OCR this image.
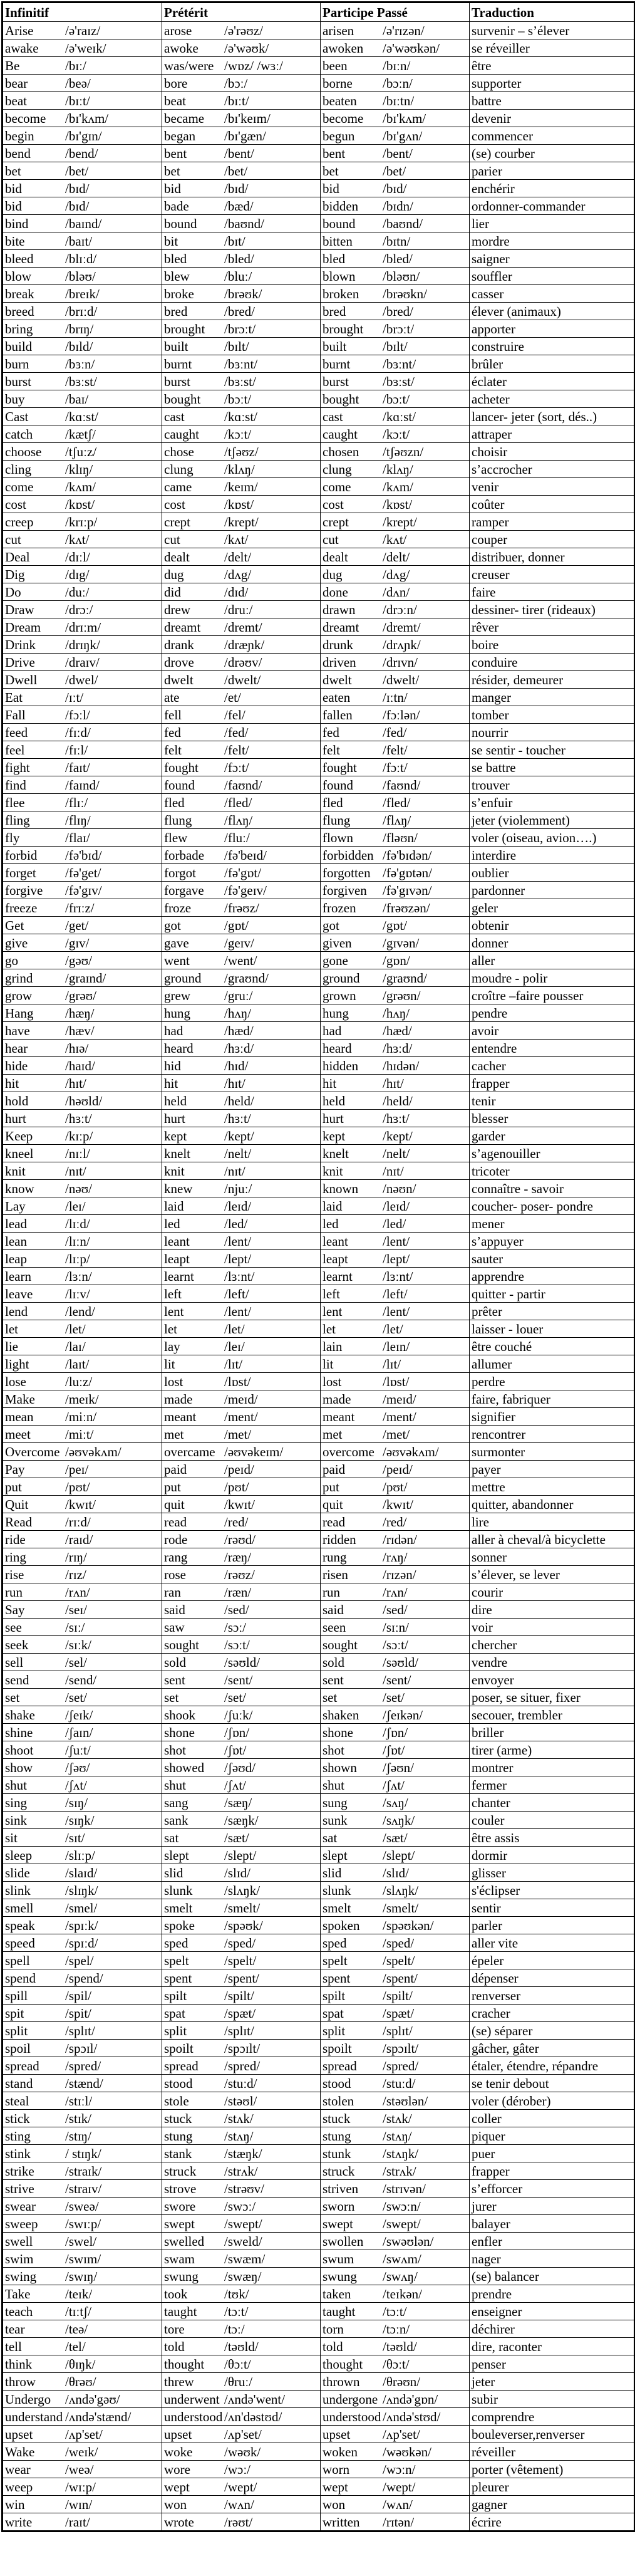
Infinitif	Prétérit	Participe Passé	Traduction
Arise /ə'raɪz/	arose /ə'rəʊz/	arisen /ə'rɪzən/	survenir – s’élever
awake /ə'weɪk/	awoke /ə'wəʊk/	awoken /ə'wəʊkən/	se réveiller
Be /bɪː/	was/were /wɒz/ /wɜː/	been /bɪːn/	être
bear /beə/	bore /bɔː/	borne /bɔːn/	supporter
beat /bɪːt/	beat /bɪːt/	beaten /bɪːtn/	battre
become /bɪ'kʌm/	became /bɪ'keɪm/	become /bɪ'kʌm/	devenir
begin /bɪ'gɪn/	began /bɪ'gæn/	begun /bɪ'gʌn/	commencer
bend /bend/	bent /bent/	bent /bent/	(se) courber
bet /bet/	bet /bet/	bet /bet/	parier
bid /bɪd/	bid /bɪd/	bid /bɪd/	enchérir
bid /bɪd/	bade /bæd/	bidden /bɪdn/	ordonner-commander
bind /baɪnd/	bound /baʊnd/	bound /baʊnd/	lier
bite /baɪt/	bit /bɪt/	bitten /bɪtn/	mordre
bleed /blɪːd/	bled /bled/	bled /bled/	saigner
blow /bləʊ/	blew /bluː/	blown /bləʊn/	souffler
break /breɪk/	broke /brəʊk/	broken /brəʊkn/	casser
breed /brɪːd/	bred /bred/	bred /bred/	élever (animaux)
bring /brɪŋ/	brought /brɔːt/	brought /brɔːt/	apporter
build /bɪld/	built /bɪlt/	built /bɪlt/	construire
burn /bɜːn/	burnt /bɜːnt/	burnt /bɜːnt/	brûler
burst /bɜːst/	burst /bɜːst/	burst /bɜːst/	éclater
buy /baɪ/	bought /bɔːt/	bought /bɔːt/	acheter
Cast /kɑːst/	cast /kɑːst/	cast /kɑːst/	lancer- jeter (sort, dés..)
catch /kætʃ/	caught /kɔːt/	caught /kɔːt/	attraper
choose /tʃuːz/	chose /tʃəʊz/	chosen /tʃəʊzn/	choisir
cling /klɪŋ/	clung /klʌŋ/	clung /klʌŋ/	s’accrocher
come /kʌm/	came /keɪm/	come /kʌm/	venir
cost /kɒst/	cost /kɒst/	cost /kɒst/	coûter
creep /krɪːp/	crept /krept/	crept /krept/	ramper
cut /kʌt/	cut /kʌt/	cut /kʌt/	couper
Deal /dɪːl/	dealt /delt/	dealt /delt/	distribuer, donner
Dig /dɪg/	dug /dʌg/	dug /dʌg/	creuser
Do /duː/	did /dɪd/	done /dʌn/	faire
Draw /drɔː/	drew /druː/	drawn /drɔːn/	dessiner- tirer (rideaux)
Dream /drɪːm/	dreamt /dremt/	dreamt /dremt/	rêver
Drink /drɪŋk/	drank /dræɲk/	drunk /drʌɲk/	boire
Drive /draɪv/	drove /drəʊv/	driven /drɪvn/	conduire
Dwell /dwel/	dwelt /dwelt/	dwelt /dwelt/	résider, demeurer
Eat /ɪːt/	ate /et/	eaten /ɪːtn/	manger
Fall /fɔːl/	fell /fel/	fallen /fɔːlən/	tomber
feed /fɪːd/	fed /fed/	fed /fed/	nourrir
feel /fɪːl/	felt /felt/	felt /felt/	se sentir - toucher
fight /faɪt/	fought /fɔːt/	fought /fɔːt/	se battre
find /faɪnd/	found /faʊnd/	found /faʊnd/	trouver
flee /flɪː/	fled /fled/	fled /fled/	s’enfuir
fling /flɪŋ/	flung /flʌŋ/	flung /flʌŋ/	jeter (violemment)
fly /flaɪ/	flew /fluː/	flown /fləʊn/	voler (oiseau, avion….)
forbid /fə'bɪd/	forbade /fə'beɪd/	forbidden /fə'bɪdən/	interdire
forget /fə'get/	forgot /fə'gɒt/	forgotten /fə'gɒtən/	oublier
forgive /fə'gɪv/	forgave /fə'geɪv/	forgiven /fə'gɪvən/	pardonner
freeze /frɪːz/	froze /frəʊz/	frozen /frəʊzən/	geler
Get /get/	got /gɒt/	got /gɒt/	obtenir
give /gɪv/	gave /geɪv/	given /gɪvən/	donner
go /gəʊ/	went /went/	gone /gɒn/	aller
grind /graɪnd/	ground /graʊnd/	ground /graʊnd/	moudre - polir
grow /grəʊ/	grew /gruː/	grown /grəʊn/	croître –faire pousser
Hang /hæŋ/	hung /hʌŋ/	hung /hʌŋ/	pendre
have /hæv/	had /hæd/	had /hæd/	avoir
hear /hɪə/	heard /hɜːd/	heard /hɜːd/	entendre
hide /haɪd/	hid /hɪd/	hidden /hɪdən/	cacher
hit /hɪt/	hit /hɪt/	hit /hɪt/	frapper
hold /həʊld/	held /held/	held /held/	tenir
hurt /hɜːt/	hurt /hɜːt/	hurt /hɜːt/	blesser
Keep /kɪːp/	kept /kept/	kept /kept/	garder
kneel /nɪːl/	knelt /nelt/	knelt /nelt/	s’agenouiller
knit /nɪt/	knit /nɪt/	knit /nɪt/	tricoter
know /nəʊ/	knew /njuː/	known /nəʊn/	connaître - savoir
Lay /leɪ/	laid /leɪd/	laid /leɪd/	coucher- poser- pondre
lead /lɪːd/	led /led/	led /led/	mener
lean /lɪːn/	leant /lent/	leant /lent/	s’appuyer
leap /lɪːp/	leapt /lept/	leapt /lept/	sauter
learn /lɜːn/	learnt /lɜːnt/	learnt /lɜːnt/	apprendre
leave /lɪːv/	left /left/	left /left/	quitter - partir
lend /lend/	lent /lent/	lent /lent/	prêter
let /let/	let /let/	let /let/	laisser - louer
lie /laɪ/	lay /leɪ/	lain /leɪn/	être couché
light /laɪt/	lit /lɪt/	lit /lɪt/	allumer
lose /luːz/	lost /lɒst/	lost /lɒst/	perdre
Make /meɪk/	made /meɪd/	made /meɪd/	faire, fabriquer
mean /miːn/	meant /ment/	meant /ment/	signifier
meet /miːt/	met /met/	met /met/	rencontrer
Overcome /əʊvəkʌm/	overcame /əʊvəkeɪm/	overcome /əʊvəkʌm/	surmonter
Pay /peɪ/	paid /peɪd/	paid /peɪd/	payer
put /pʊt/	put /pʊt/	put /pʊt/	mettre
Quit /kwɪt/	quit /kwɪt/	quit /kwɪt/	quitter, abandonner
Read /rɪːd/	read /red/	read /red/	lire
ride /raɪd/	rode /rəʊd/	ridden /rɪdən/	aller à cheval/à bicyclette
ring /rɪŋ/	rang /ræŋ/	rung /rʌŋ/	sonner
rise /rɪz/	rose /rəʊz/	risen /rɪzən/	s’élever, se lever
run /rʌn/	ran /ræn/	run /rʌn/	courir
Say /seɪ/	said /sed/	said /sed/	dire
see /sɪː/	saw /sɔː/	seen /sɪːn/	voir
seek /sɪːk/	sought /sɔːt/	sought /sɔːt/	chercher
sell /sel/	sold /səʊld/	sold /səʊld/	vendre
send /send/	sent /sent/	sent /sent/	envoyer
set /set/	set /set/	set /set/	poser, se situer, fixer
shake /ʃeɪk/	shook /ʃuːk/	shaken /ʃeɪkən/	secouer, trembler
shine /ʃaɪn/	shone /ʃɒn/	shone /ʃɒn/	briller
shoot /ʃuːt/	shot /ʃɒt/	shot /ʃɒt/	tirer (arme)
show /ʃəʊ/	showed /ʃəʊd/	shown /ʃəʊn/	montrer
shut /ʃʌt/	shut /ʃʌt/	shut /ʃʌt/	fermer
sing /sɪŋ/	sang /sæŋ/	sung /sʌŋ/	chanter
sink /sɪŋk/	sank /sæŋk/	sunk /sʌŋk/	couler
sit /sɪt/	sat /sæt/	sat /sæt/	être assis
sleep /slɪːp/	slept /slept/	slept /slept/	dormir
slide /slaɪd/	slid /slɪd/	slid /slɪd/	glisser
slink /slɪŋk/	slunk /slʌŋk/	slunk /slʌŋk/	s'éclipser
smell /smel/	smelt /smelt/	smelt /smelt/	sentir
speak /spɪːk/	spoke /spəʊk/	spoken /spəʊkən/	parler
speed /spɪːd/	sped /sped/	sped /sped/	aller vite
spell /spel/	spelt /spelt/	spelt /spelt/	épeler
spend /spend/	spent /spent/	spent /spent/	dépenser
spill /spil/	spilt /spilt/	spilt /spilt/	renverser
spit /spit/	spat /spæt/	spat /spæt/	cracher
split /splɪt/	split /splɪt/	split /splɪt/	(se) séparer
spoil /spɔɪl/	spoilt /spɔɪlt/	spoilt /spɔɪlt/	gâcher, gâter
spread /spred/	spread /spred/	spread /spred/	étaler, étendre, répandre
stand /stænd/	stood /stuːd/	stood /stuːd/	se tenir debout
steal /stɪːl/	stole /stəʊl/	stolen /stəʊlən/	voler (dérober)
stick /stɪk/	stuck /stʌk/	stuck /stʌk/	coller
sting /stɪŋ/	stung /stʌŋ/	stung /stʌŋ/	piquer
stink / stɪŋk/	stank /stæŋk/	stunk /stʌŋk/	puer
strike /straɪk/	struck /strʌk/	struck /strʌk/	frapper
strive /straɪv/	strove /strəʊv/	striven /strɪvən/	s’efforcer
swear /sweə/	swore /swɔː/	sworn /swɔːn/	jurer
sweep /swɪːp/	swept /swept/	swept /swept/	balayer
swell /swel/	swelled /sweld/	swollen /swəʊlən/	enfler
swim /swɪm/	swam /swæm/	swum /swʌm/	nager
swing /swɪŋ/	swung /swæŋ/	swung /swʌŋ/	(se) balancer
Take /teɪk/	took /tʊk/	taken /teɪkən/	prendre
teach /tɪːtʃ/	taught /tɔːt/	taught /tɔːt/	enseigner
tear /teə/	tore /tɔː/	torn /tɔːn/	déchirer
tell /tel/	told /təʊld/	told /təʊld/	dire, raconter
think /θɪŋk/	thought /θɔːt/	thought /θɔːt/	penser
throw /θrəʊ/	threw /θruː/	thrown /θrəʊn/	jeter
Undergo /ʌndə'gəʊ/	underwent /ʌndə'went/	undergone /ʌndə'gɒn/	subir
understand /ʌndə'stænd/	understood /ʌn'dəstʊd/	understood /ʌndə'stʊd/	comprendre
upset /ʌp'set/	upset /ʌp'set/	upset /ʌp'set/	bouleverser,renverser
Wake /weɪk/	woke /wəʊk/	woken /wəʊkən/	réveiller
wear /weə/	wore /wɔː/	worn /wɔːn/	porter (vêtement)
weep /wɪːp/	wept /wept/	wept /wept/	pleurer
win /wɪn/	won /wʌn/	won /wʌn/	gagner
write /raɪt/	wrote /rəʊt/	written /rɪtən/	écrire
